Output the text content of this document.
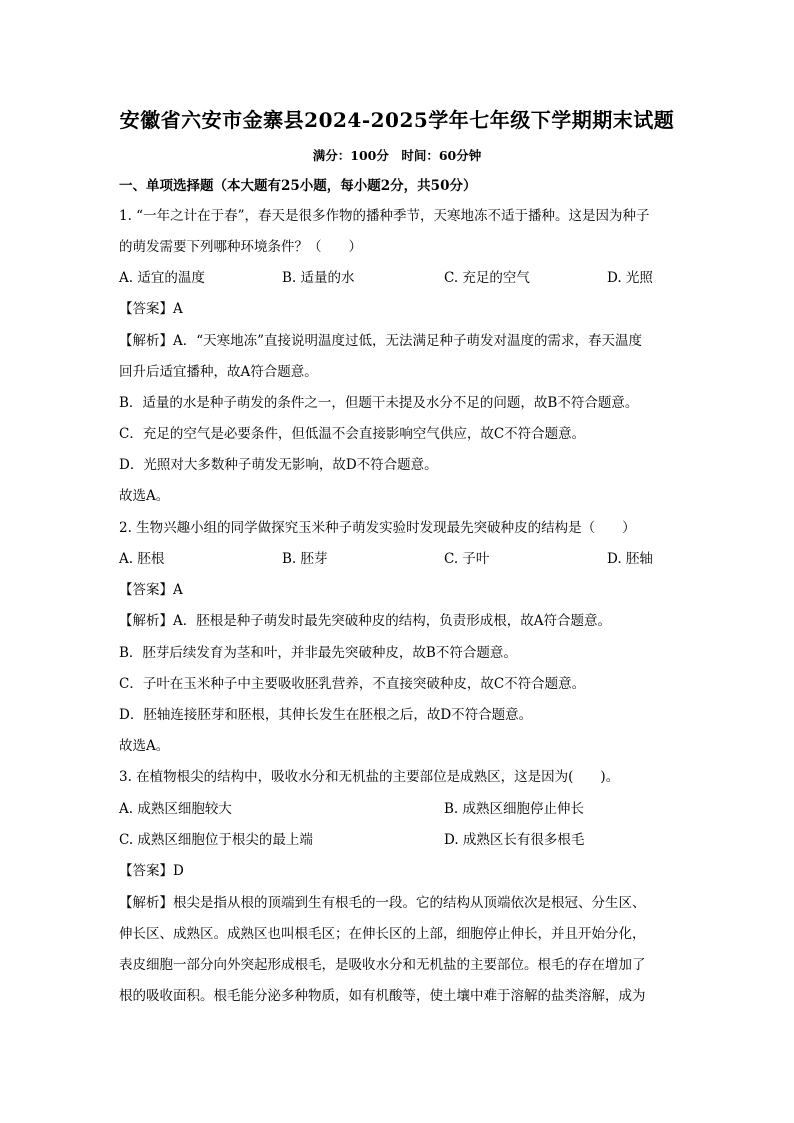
安徽省六安市金寨县2024-2025学年七年级下学期期末试题
满分：100分　时间：60分钟
一、单项选择题（本大题有25小题，每小题2分，共50分）
1. “一年之计在于春”，春天是很多作物的播种季节，天寒地冻不适于播种。这是因为种子
的萌发需要下列哪种环境条件？（　　）
A. 适宜的温度	B. 适量的水	C. 充足的空气	D. 光照
【答案】A
【解析】A．“天寒地冻”直接说明温度过低，无法满足种子萌发对温度的需求，春天温度
回升后适宜播种，故A符合题意。
B．适量的水是种子萌发的条件之一，但题干未提及水分不足的问题，故B不符合题意。
C．充足的空气是必要条件，但低温不会直接影响空气供应，故C不符合题意。
D．光照对大多数种子萌发无影响，故D不符合题意。
故选A。
2. 生物兴趣小组的同学做探究玉米种子萌发实验时发现最先突破种皮的结构是（　　）
A. 胚根	B. 胚芽	C. 子叶	D. 胚轴
【答案】A
【解析】A．胚根是种子萌发时最先突破种皮的结构，负责形成根，故A符合题意。
B．胚芽后续发育为茎和叶，并非最先突破种皮，故B不符合题意。
C．子叶在玉米种子中主要吸收胚乳营养，不直接突破种皮，故C不符合题意。
D．胚轴连接胚芽和胚根，其伸长发生在胚根之后，故D不符合题意。
故选A。
3. 在植物根尖的结构中，吸收水分和无机盐的主要部位是成熟区，这是因为(　　)。
A. 成熟区细胞较大	B. 成熟区细胞停止伸长
C. 成熟区细胞位于根尖的最上端	D. 成熟区长有很多根毛
【答案】D
【解析】根尖是指从根的顶端到生有根毛的一段。它的结构从顶端依次是根冠、分生区、
伸长区、成熟区。成熟区也叫根毛区；在伸长区的上部，细胞停止伸长，并且开始分化，
表皮细胞一部分向外突起形成根毛，是吸收水分和无机盐的主要部位。根毛的存在增加了
根的吸收面积。根毛能分泌多种物质，如有机酸等，使土壤中难于溶解的盐类溶解，成为
